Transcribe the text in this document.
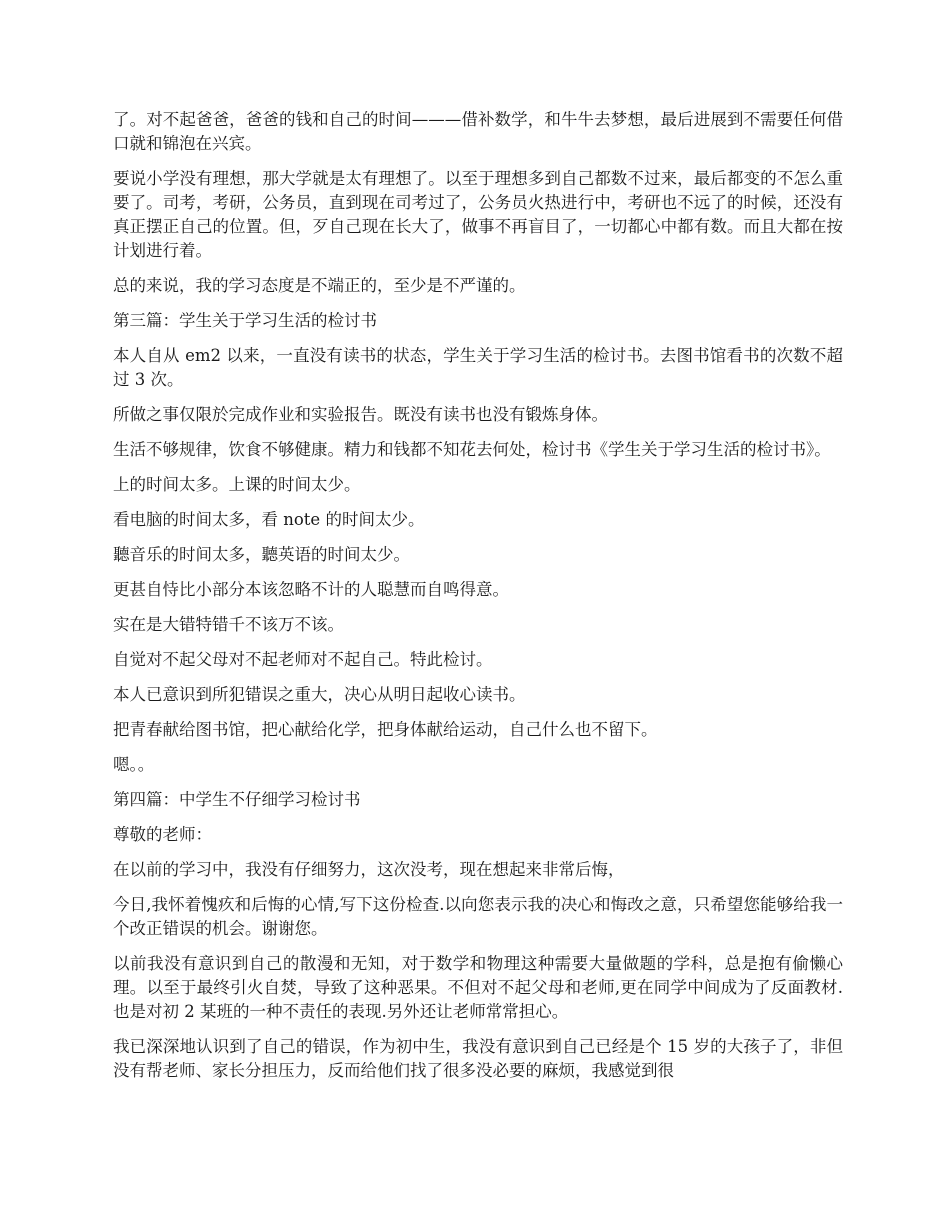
了。对不起爸爸，爸爸的钱和自己的时间———借补数学，和牛牛去梦想，最后进展到不需要任何借口就和锦泡在兴宾。

要说小学没有理想，那大学就是太有理想了。以至于理想多到自己都数不过来，最后都变的不怎么重要了。司考，考研，公务员，直到现在司考过了，公务员火热进行中，考研也不远了的时候，还没有真正摆正自己的位置。但，歹自己现在长大了，做事不再盲目了，一切都心中都有数。而且大都在按计划进行着。

总的来说，我的学习态度是不端正的，至少是不严谨的。

第三篇：学生关于学习生活的检讨书

本人自从 em2 以来，一直没有读书的状态，学生关于学习生活的检讨书。去图书馆看书的次数不超过 3 次。

所做之事仅限於完成作业和实验报告。既没有读书也没有锻炼身体。

生活不够规律，饮食不够健康。精力和钱都不知花去何处，检讨书《学生关于学习生活的检讨书》。

上的时间太多。上课的时间太少。

看电脑的时间太多，看 note 的时间太少。

聽音乐的时间太多，聽英语的时间太少。

更甚自恃比小部分本该忽略不计的人聪慧而自鸣得意。

实在是大错特错千不该万不该。

自觉对不起父母对不起老师对不起自己。特此检讨。

本人已意识到所犯错误之重大，决心从明日起收心读书。

把青春献给图书馆，把心献给化学，把身体献给运动，自己什么也不留下。

嗯。。

第四篇：中学生不仔细学习检讨书

尊敬的老师：

在以前的学习中，我没有仔细努力，这次没考，现在想起来非常后悔，

今日,我怀着愧疚和后悔的心情,写下这份检查.以向您表示我的决心和悔改之意，只希望您能够给我一个改正错误的机会。谢谢您。

以前我没有意识到自己的散漫和无知，对于数学和物理这种需要大量做题的学科，总是抱有偷懒心理。以至于最终引火自焚，导致了这种恶果。不但对不起父母和老师,更在同学中间成为了反面教材.也是对初 2 某班的一种不责任的表现.另外还让老师常常担心。

我已深深地认识到了自己的错误，作为初中生，我没有意识到自己已经是个 15 岁的大孩子了，非但没有帮老师、家长分担压力，反而给他们找了很多没必要的麻烦，我感觉到很
